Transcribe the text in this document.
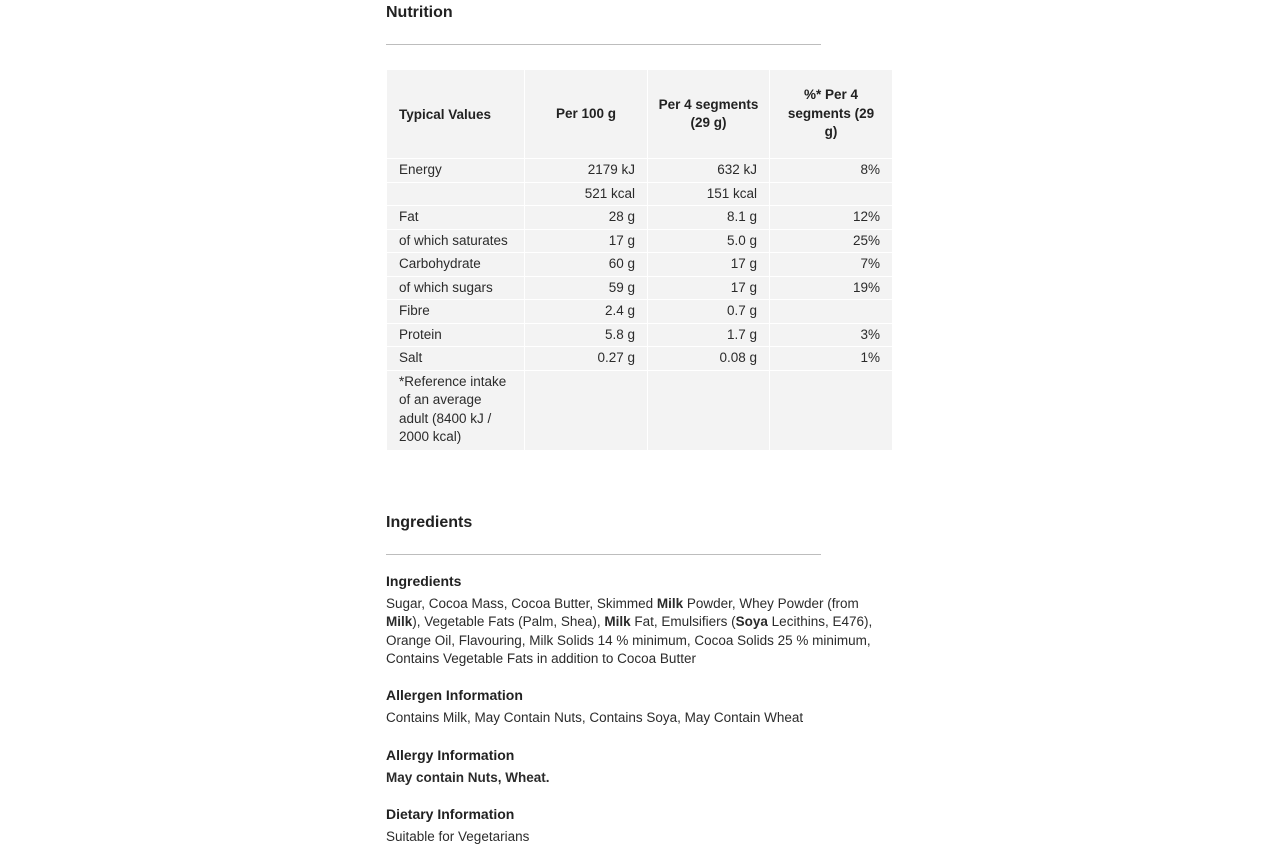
Nutrition
Typical Values	Per 100 g	Per 4 segments (29 g)	%* Per 4 segments (29 g)
Energy	2179 kJ	632 kJ	8%
	521 kcal	151 kcal	
Fat	28 g	8.1 g	12%
of which saturates	17 g	5.0 g	25%
Carbohydrate	60 g	17 g	7%
of which sugars	59 g	17 g	19%
Fibre	2.4 g	0.7 g	
Protein	5.8 g	1.7 g	3%
Salt	0.27 g	0.08 g	1%
*Reference intake of an average adult (8400 kJ / 2000 kcal)			
Ingredients
Ingredients

Sugar, Cocoa Mass, Cocoa Butter, Skimmed Milk Powder, Whey Powder (from Milk), Vegetable Fats (Palm, Shea), Milk Fat, Emulsifiers (Soya Lecithins, E476), Orange Oil, Flavouring, Milk Solids 14 % minimum, Cocoa Solids 25 % minimum, Contains Vegetable Fats in addition to Cocoa Butter

Allergen Information

Contains Milk, May Contain Nuts, Contains Soya, May Contain Wheat

Allergy Information

May contain Nuts, Wheat.

Dietary Information

Suitable for Vegetarians
